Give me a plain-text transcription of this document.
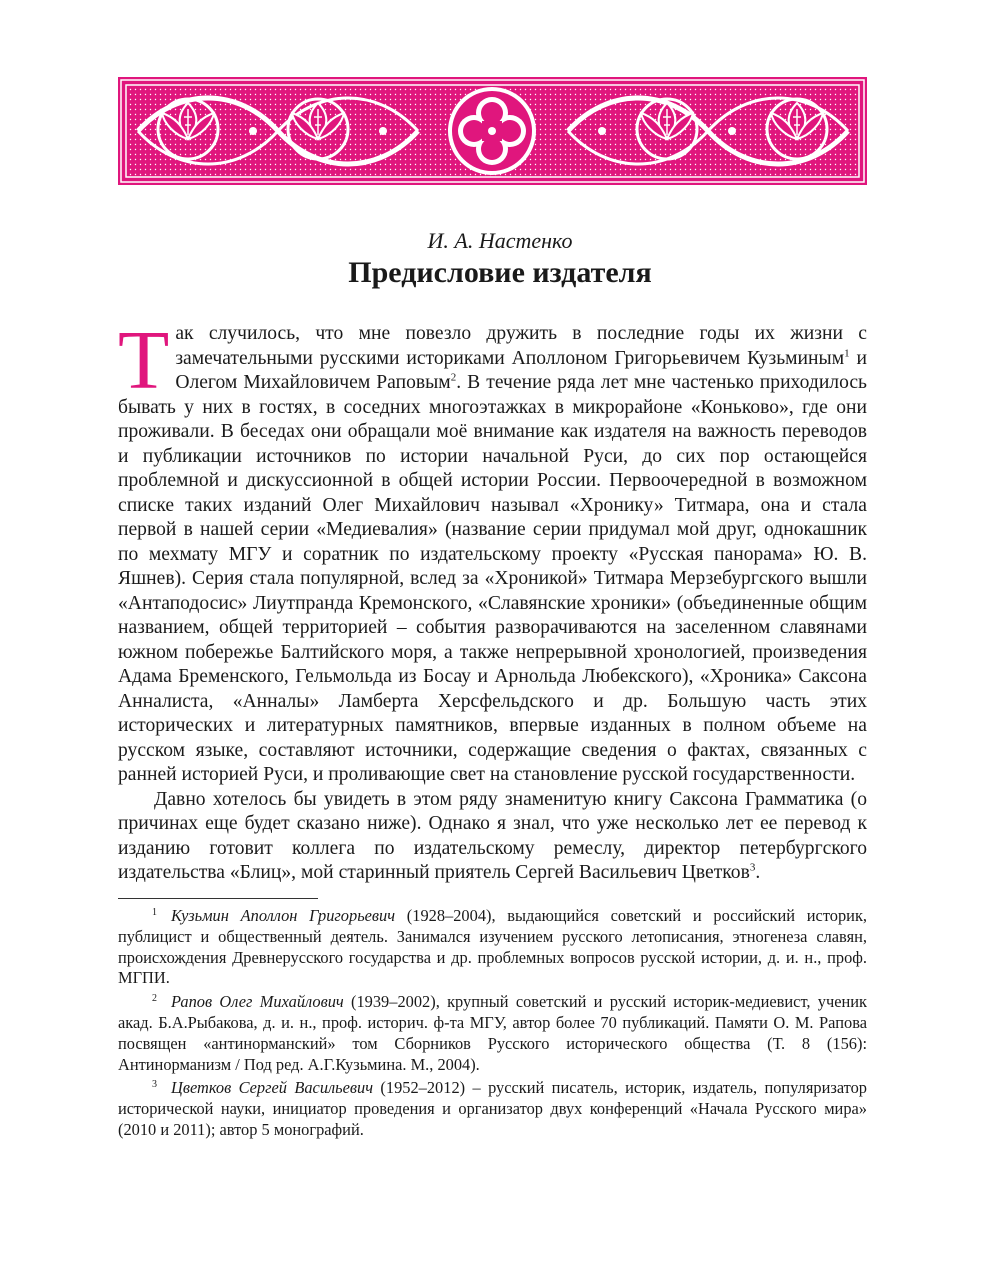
И. А. Настенко
Предисловие издателя

Так случилось, что мне повезло дружить в последние годы их жизни с замечательными русскими историками Аполлоном Григорьевичем Кузьминым$^1$ и Олегом Михайловичем Раповым$^2$. В течение ряда лет мне частенько приходилось бывать у них в гостях, в соседних многоэтажках в микрорайоне «Коньково», где они проживали. В беседах они обращали моё внимание как издателя на важность переводов и публикации источников по истории начальной Руси, до сих пор остающейся проблемной и дискуссионной в общей истории России. Первоочередной в возможном списке таких изданий Олег Михайлович называл «Хронику» Титмара, она и стала первой в нашей серии «Медиевалия» (название серии придумал мой друг, однокашник по мехмату МГУ и соратник по издательскому проекту «Русская панорама» Ю. В. Яшнев). Серия стала популярной, вслед за «Хроникой» Титмара Мерзебургского вышли «Антаподосис» Лиутпранда Кремонского, «Славянские хроники» (объединенные общим названием, общей территорией – события разворачиваются на заселенном славянами южном побережье Балтийского моря, а также непрерывной хронологией, произведения Адама Бременского, Гельмольда из Босау и Арнольда Любекского), «Хроника» Саксона Анналиста, «Анналы» Ламберта Херсфельдского и др. Большую часть этих исторических и литературных памятников, впервые изданных в полном объеме на русском языке, составляют источники, содержащие сведения о фактах, связанных с ранней историей Руси, и проливающие свет на становление русской государственности.

Давно хотелось бы увидеть в этом ряду знаменитую книгу Саксона Грамматика (о причинах еще будет сказано ниже). Однако я знал, что уже несколько лет ее перевод к изданию готовит коллега по издательскому ремеслу, директор петербургского издательства «Блиц», мой старинный приятель Сергей Васильевич Цветков$^3$.

$^1$ Кузьмин Аполлон Григорьевич (1928–2004), выдающийся советский и российский историк, публицист и общественный деятель. Занимался изучением русского летописания, этногенеза славян, происхождения Древнерусского государства и др. проблемных вопросов русской истории, д. и. н., проф. МГПИ.

$^2$ Рапов Олег Михайлович (1939–2002), крупный советский и русский историк-медиевист, ученик акад. Б.А.Рыбакова, д. и. н., проф. историч. ф-та МГУ, автор более 70 публикаций. Памяти О. М. Рапова посвящен «антинорманский» том Сборников Русского исторического общества (Т. 8 (156): Антинорманизм / Под ред. А.Г.Кузьмина. М., 2004).

$^3$ Цветков Сергей Васильевич (1952–2012) – русский писатель, историк, издатель, популяризатор исторической науки, инициатор проведения и организатор двух конференций «Начала Русского мира» (2010 и 2011); автор 5 монографий.
